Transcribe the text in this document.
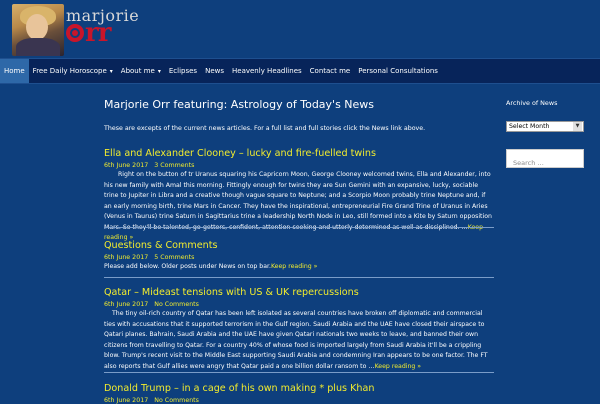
marjorie
rr
Home	Free Daily Horoscope ▾	About me ▾	Eclipses	News	Heavenly Headlines	Contact me	Personal Consultations
Marjorie Orr featuring: Astrology of Today's News
These are excepts of the current news articles. For a full list and full stories click the News link above.
Ella and Alexander Clooney – lucky and fire-fuelled twins
6th June 2017 3 Comments
Right on the button of tr Uranus squaring his Capricorn Moon, George Clooney welcomed twins, Ella and Alexander, into his new family with Amal this morning. Fittingly enough for twins they are Sun Gemini with an expansive, lucky, sociable trine to Jupiter in Libra and a creative though vague square to Neptune; and a Scorpio Moon probably trine Neptune and, if an early morning birth, trine Mars in Cancer. They have the inspirational, entrepreneurial Fire Grand Trine of Uranus in Aries (Venus in Taurus) trine Saturn in Sagittarius trine a leadership North Node in Leo, still formed into a Kite by Saturn opposition Mars. So they'll be talented, go-getters, confident, attention-seeking and utterly determined as well as disciplined. …Keep reading »
Questions & Comments
6th June 2017 5 Comments
Please add below. Older posts under News on top bar.Keep reading »
Qatar – Mideast tensions with US & UK repercussions
6th June 2017 No Comments
The tiny oil-rich country of Qatar has been left isolated as several countries have broken off diplomatic and commercial ties with accusations that it supported terrorism in the Gulf region. Saudi Arabia and the UAE have closed their airspace to Qatari planes. Bahrain, Saudi Arabia and the UAE have given Qatari nationals two weeks to leave, and banned their own citizens from travelling to Qatar. For a country 40% of whose food is imported largely from Saudi Arabia it'll be a crippling blow. Trump's recent visit to the Middle East supporting Saudi Arabia and condemning Iran appears to be one factor. The FT also reports that Gulf allies were angry that Qatar paid a one billion dollar ransom to …Keep reading »
Donald Trump – in a cage of his own making * plus Khan
6th June 2017 No Comments
Archive of News
Select Month	▼
Search …
